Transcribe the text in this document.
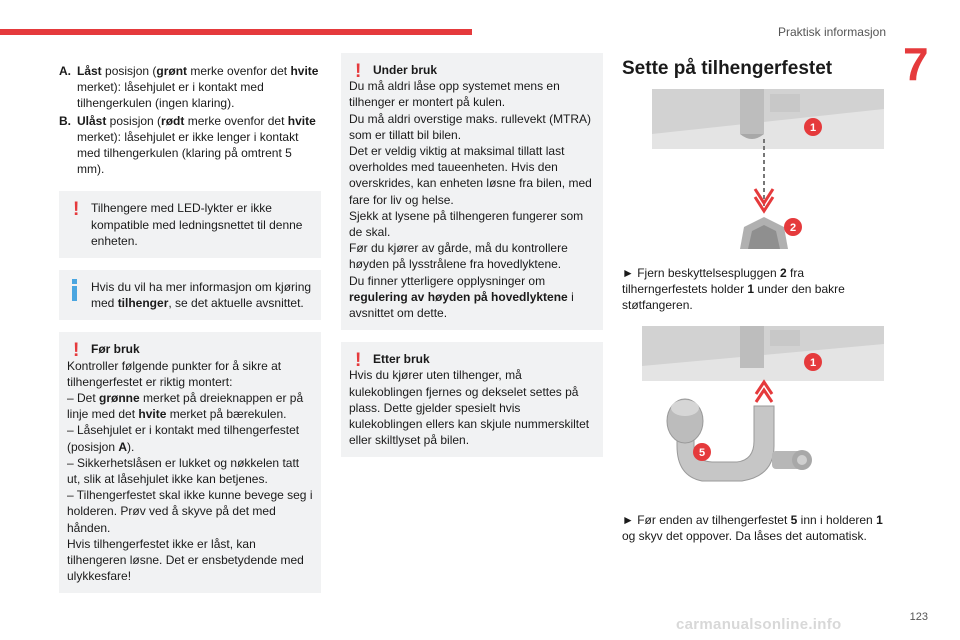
Praktisk informasjon
7
A. Låst posisjon (grønt merke ovenfor det hvite merket): låsehjulet er i kontakt med tilhengerkulen (ingen klaring).
B. Ulåst posisjon (rødt merke ovenfor det hvite merket): låsehjulet er ikke lenger i kontakt med tilhengerkulen (klaring på omtrent 5 mm).
! Tilhengere med LED-lykter er ikke kompatible med ledningsnettet til denne enheten.

Hvis du vil ha mer informasjon om kjøring med tilhenger, se det aktuelle avsnittet.

! Før bruk

Kontroller følgende punkter for å sikre at tilhengerfestet er riktig montert:

– Det grønne merket på dreieknappen er på linje med det hvite merket på bærekulen.

– Låsehjulet er i kontakt med tilhengerfestet (posisjon A).

– Sikkerhetslåsen er lukket og nøkkelen tatt ut, slik at låsehjulet ikke kan betjenes.

– Tilhengerfestet skal ikke kunne bevege seg i holderen. Prøv ved å skyve på det med hånden.

Hvis tilhengerfestet ikke er låst, kan tilhengeren løsne. Det er ensbetydende med ulykkesfare!

! Under bruk

Du må aldri låse opp systemet mens en tilhenger er montert på kulen.

Du må aldri overstige maks. rullevekt (MTRA) som er tillatt bil bilen.

Det er veldig viktig at maksimal tillatt last overholdes med taueenheten. Hvis den overskrides, kan enheten løsne fra bilen, med fare for liv og helse.

Sjekk at lysene på tilhengeren fungerer som de skal.

Før du kjører av gårde, må du kontrollere høyden på lysstrålene fra hovedlyktene.

Du finner ytterligere opplysninger om regulering av høyden på hovedlyktene i avsnittet om dette.

! Etter bruk

Hvis du kjører uten tilhenger, må kulekoblingen fjernes og dekselet settes på plass. Dette gjelder spesielt hvis kulekoblingen ellers kan skjule nummerskiltet eller skiltlyset på bilen.

Sette på tilhengerfestet
1
2

► Fjern beskyttelsespluggen 2 fra tilherngerfestets holder 1 under den bakre støtfangeren.

1
5

► Før enden av tilhengerfestet 5 inn i holderen 1 og skyv det oppover. Da låses det automatisk.

carmanualsonline.info	123
